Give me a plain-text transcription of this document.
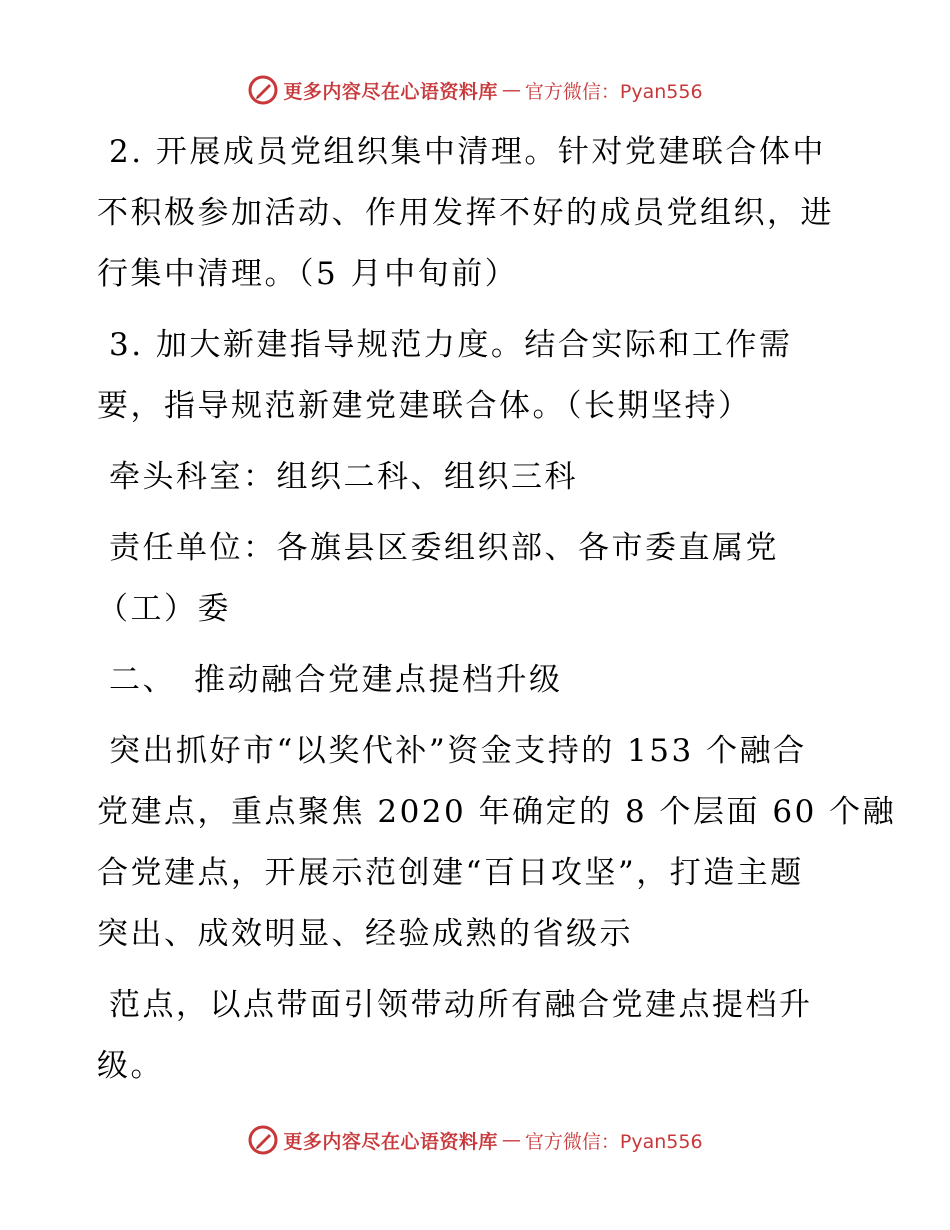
更多内容尽在心语资料库 — 官方微信：Pyan556
2. 开展成员党组织集中清理。针对党建联合体中
不积极参加活动、作用发挥不好的成员党组织，进
行集中清理。（5 月中旬前）
3. 加大新建指导规范力度。结合实际和工作需
要，指导规范新建党建联合体。（长期坚持）
牵头科室：组织二科、组织三科
责任单位：各旗县区委组织部、各市委直属党
（工）委
二、　推动融合党建点提档升级
突出抓好市“以奖代补”资金支持的 153 个融合
党建点，重点聚焦 2020 年确定的 8 个层面 60 个融
合党建点，开展示范创建“百日攻坚”，打造主题
突出、成效明显、经验成熟的省级示
范点，以点带面引领带动所有融合党建点提档升
级。
更多内容尽在心语资料库 — 官方微信：Pyan556
